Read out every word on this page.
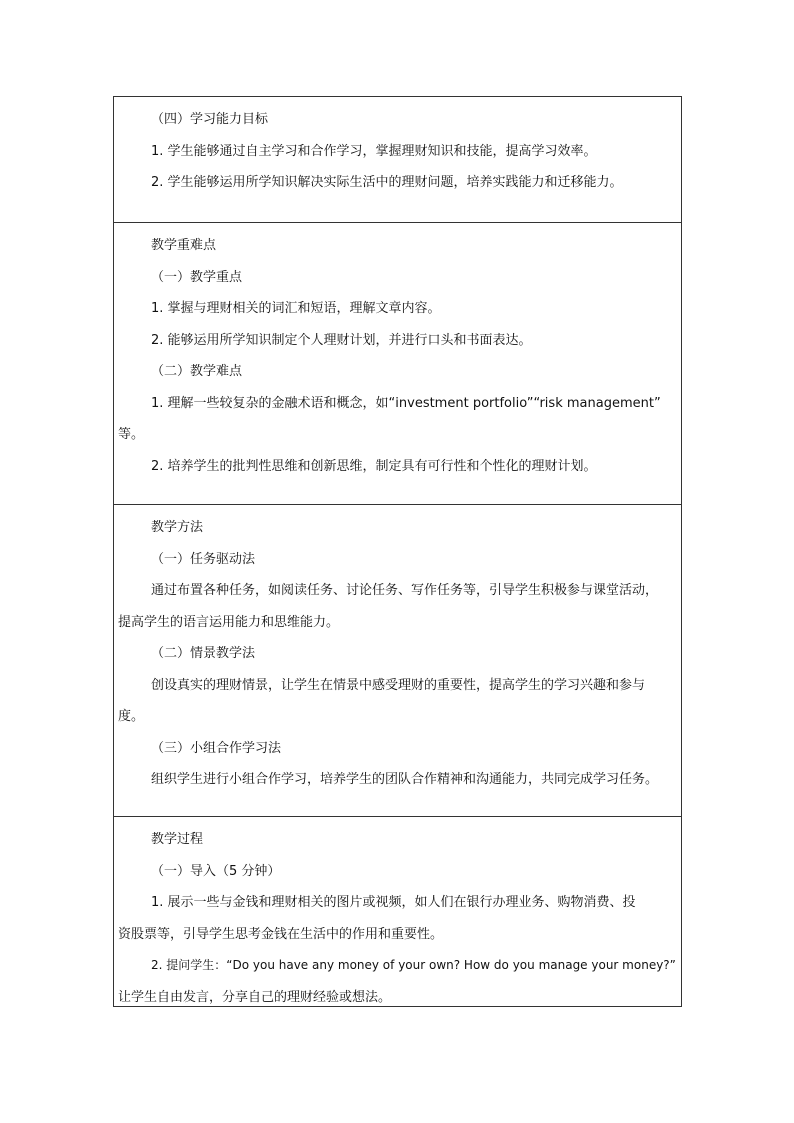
（四）学习能力目标

1. 学生能够通过自主学习和合作学习，掌握理财知识和技能，提高学习效率。

2. 学生能够运用所学知识解决实际生活中的理财问题，培养实践能力和迁移能力。

教学重难点

（一）教学重点

1. 掌握与理财相关的词汇和短语，理解文章内容。

2. 能够运用所学知识制定个人理财计划，并进行口头和书面表达。

（二）教学难点

1. 理解一些较复杂的金融术语和概念，如“investment portfolio”“risk management”

等。

2. 培养学生的批判性思维和创新思维，制定具有可行性和个性化的理财计划。

教学方法

（一）任务驱动法

通过布置各种任务，如阅读任务、讨论任务、写作任务等，引导学生积极参与课堂活动，

提高学生的语言运用能力和思维能力。

（二）情景教学法

创设真实的理财情景，让学生在情景中感受理财的重要性，提高学生的学习兴趣和参与

度。

（三）小组合作学习法

组织学生进行小组合作学习，培养学生的团队合作精神和沟通能力，共同完成学习任务。

教学过程

（一）导入（5 分钟）

1. 展示一些与金钱和理财相关的图片或视频，如人们在银行办理业务、购物消费、投

资股票等，引导学生思考金钱在生活中的作用和重要性。

2. 提问学生：“Do you have any money of your own? How do you manage your money?”

让学生自由发言，分享自己的理财经验或想法。
